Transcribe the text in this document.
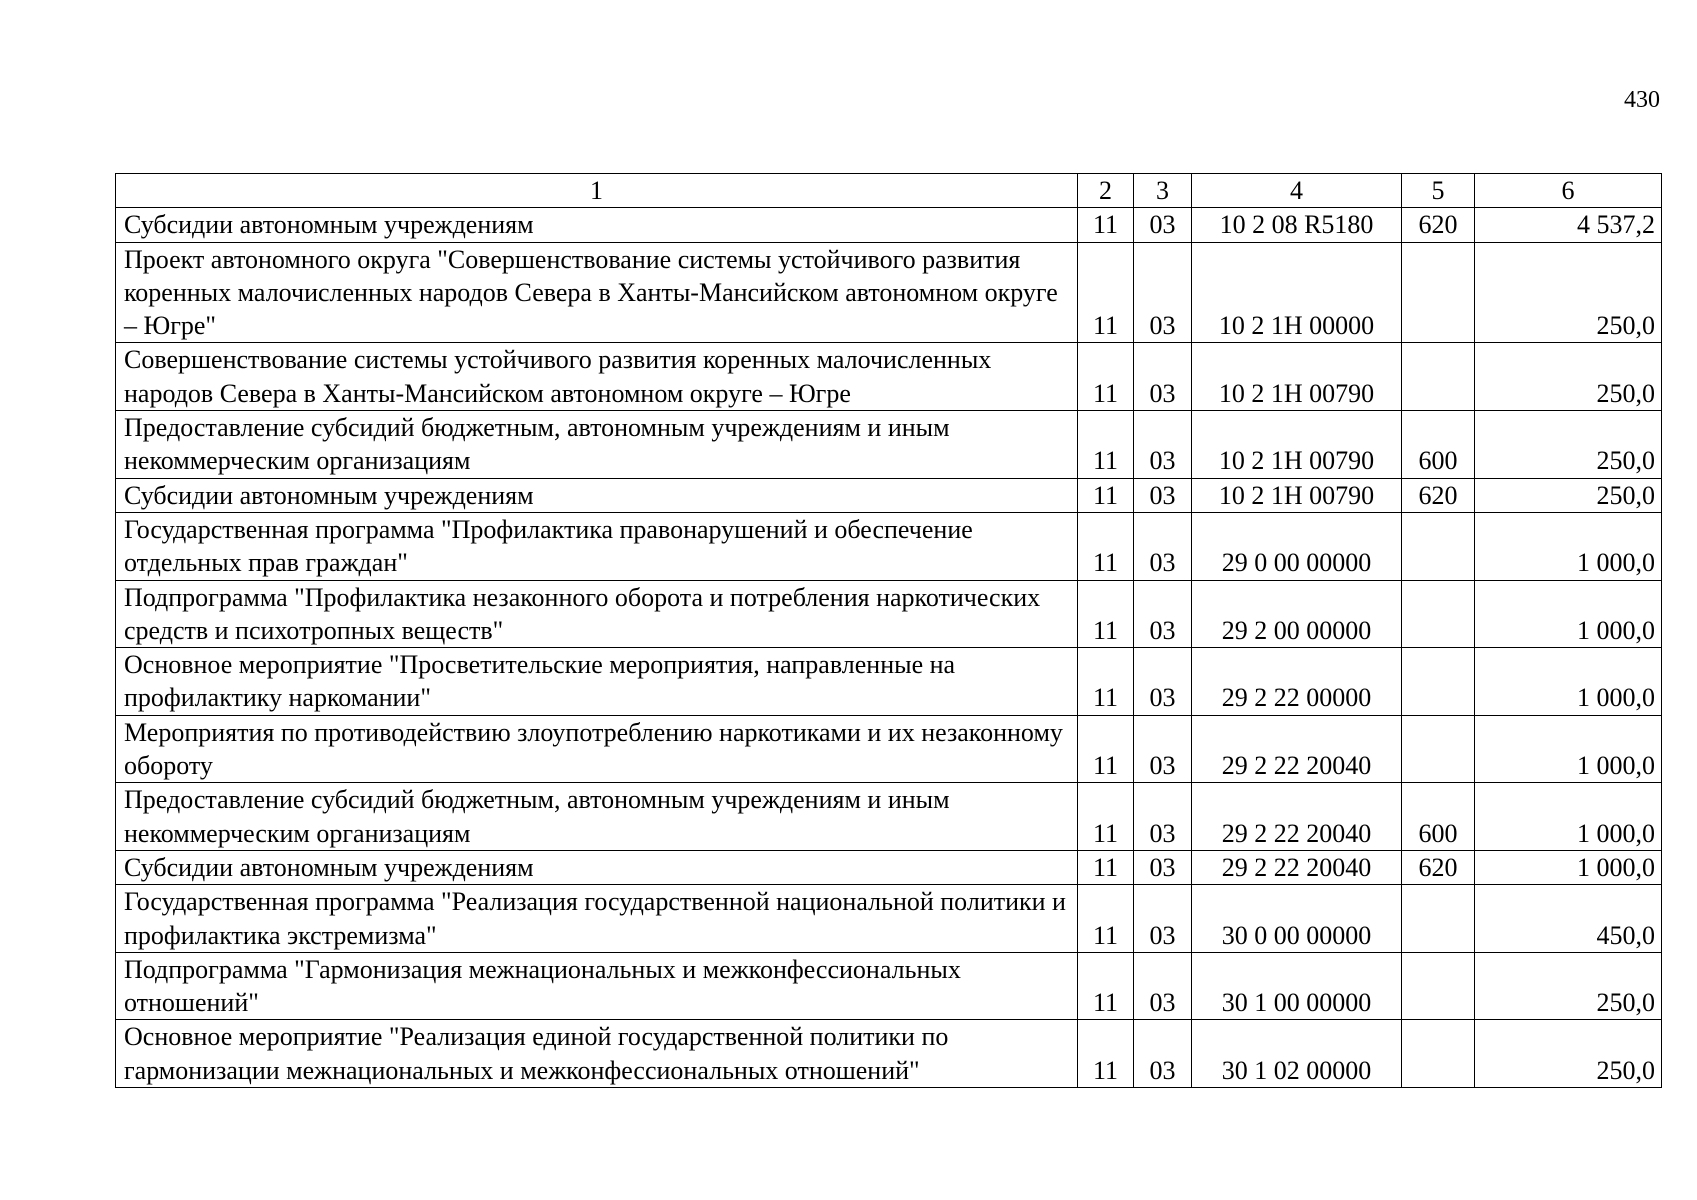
430
1	2	3	4	5	6
Субсидии автономным учреждениям	11	03	10 2 08 R5180	620	4 537,2
Проект автономного округа "Совершенствование системы устойчивого развития коренных малочисленных народов Севера в Ханты-Мансийском автономном округе – Югре"	11	03	10 2 1Н 00000		250,0
Совершенствование системы устойчивого развития коренных малочисленных народов Севера в Ханты-Мансийском автономном округе – Югре	11	03	10 2 1Н 00790		250,0
Предоставление субсидий бюджетным, автономным учреждениям и иным некоммерческим организациям	11	03	10 2 1Н 00790	600	250,0
Субсидии автономным учреждениям	11	03	10 2 1Н 00790	620	250,0
Государственная программа "Профилактика правонарушений и обеспечение отдельных прав граждан"	11	03	29 0 00 00000		1 000,0
Подпрограмма "Профилактика незаконного оборота и потребления наркотических средств и психотропных веществ"	11	03	29 2 00 00000		1 000,0
Основное мероприятие "Просветительские мероприятия, направленные на профилактику наркомании"	11	03	29 2 22 00000		1 000,0
Мероприятия по противодействию злоупотреблению наркотиками и их незаконному обороту	11	03	29 2 22 20040		1 000,0
Предоставление субсидий бюджетным, автономным учреждениям и иным некоммерческим организациям	11	03	29 2 22 20040	600	1 000,0
Субсидии автономным учреждениям	11	03	29 2 22 20040	620	1 000,0
Государственная программа "Реализация государственной национальной политики и профилактика экстремизма"	11	03	30 0 00 00000		450,0
Подпрограмма "Гармонизация межнациональных и межконфессиональных отношений"	11	03	30 1 00 00000		250,0
Основное мероприятие "Реализация единой государственной политики по гармонизации межнациональных и межконфессиональных отношений"	11	03	30 1 02 00000		250,0
